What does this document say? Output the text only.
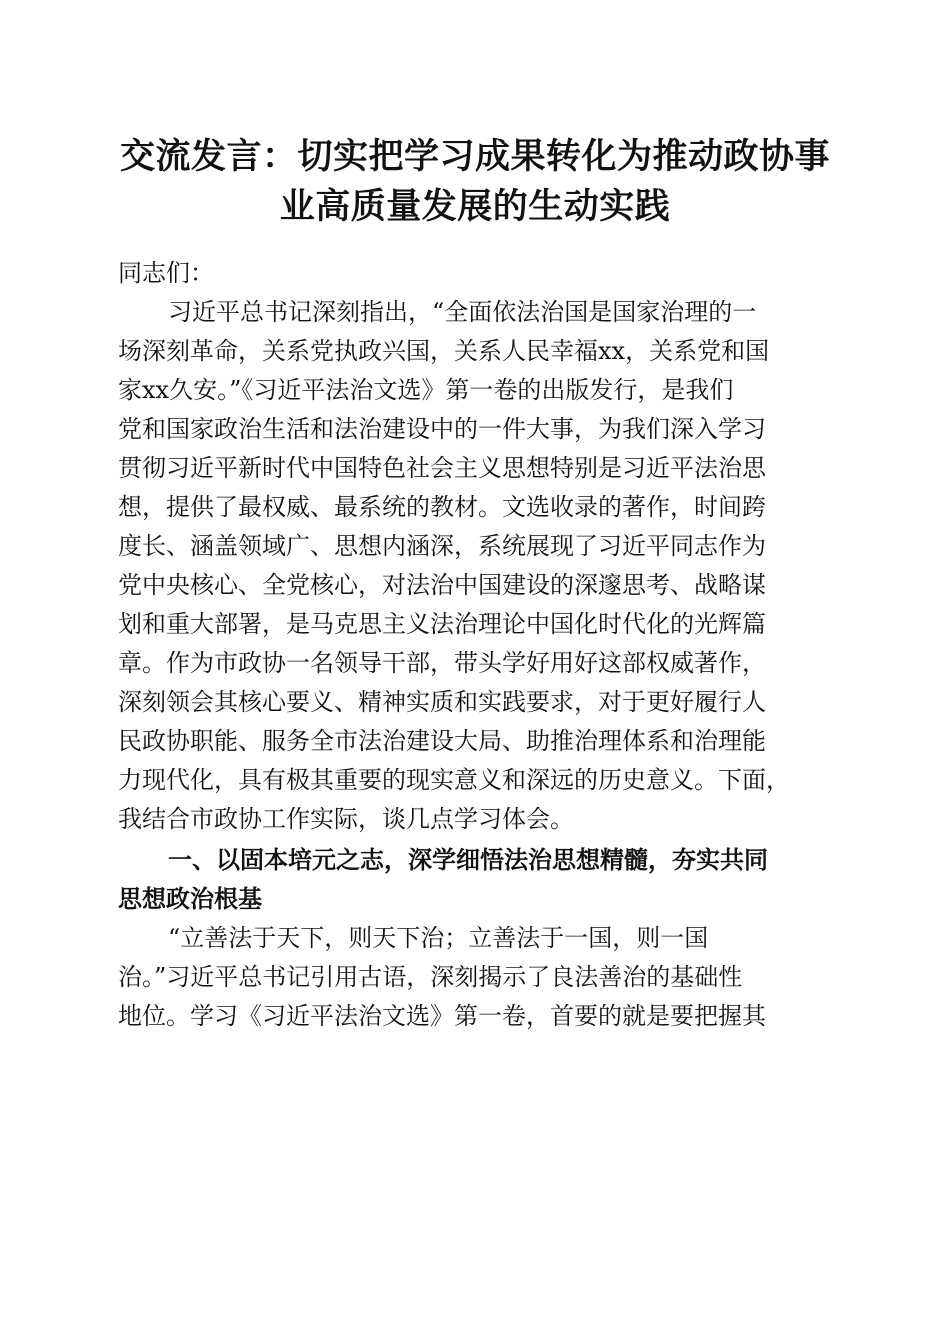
交流发言：切实把学习成果转化为推动政协事
业高质量发展的生动实践

同志们：

习近平总书记深刻指出，“全面依法治国是国家治理的一
场深刻革命，关系党执政兴国，关系人民幸福xx，关系党和国
家xx久安。”《习近平法治文选》第一卷的出版发行，是我们
党和国家政治生活和法治建设中的一件大事，为我们深入学习
贯彻习近平新时代中国特色社会主义思想特别是习近平法治思
想，提供了最权威、最系统的教材。文选收录的著作，时间跨
度长、涵盖领域广、思想内涵深，系统展现了习近平同志作为
党中央核心、全党核心，对法治中国建设的深邃思考、战略谋
划和重大部署，是马克思主义法治理论中国化时代化的光辉篇
章。作为市政协一名领导干部，带头学好用好这部权威著作，
深刻领会其核心要义、精神实质和实践要求，对于更好履行人
民政协职能、服务全市法治建设大局、助推治理体系和治理能
力现代化，具有极其重要的现实意义和深远的历史意义。下面，
我结合市政协工作实际，谈几点学习体会。
一、以固本培元之志，深学细悟法治思想精髓，夯实共同
思想政治根基
“立善法于天下，则天下治；立善法于一国，则一国
治。”习近平总书记引用古语，深刻揭示了良法善治的基础性
地位。学习《习近平法治文选》第一卷，首要的就是要把握其
